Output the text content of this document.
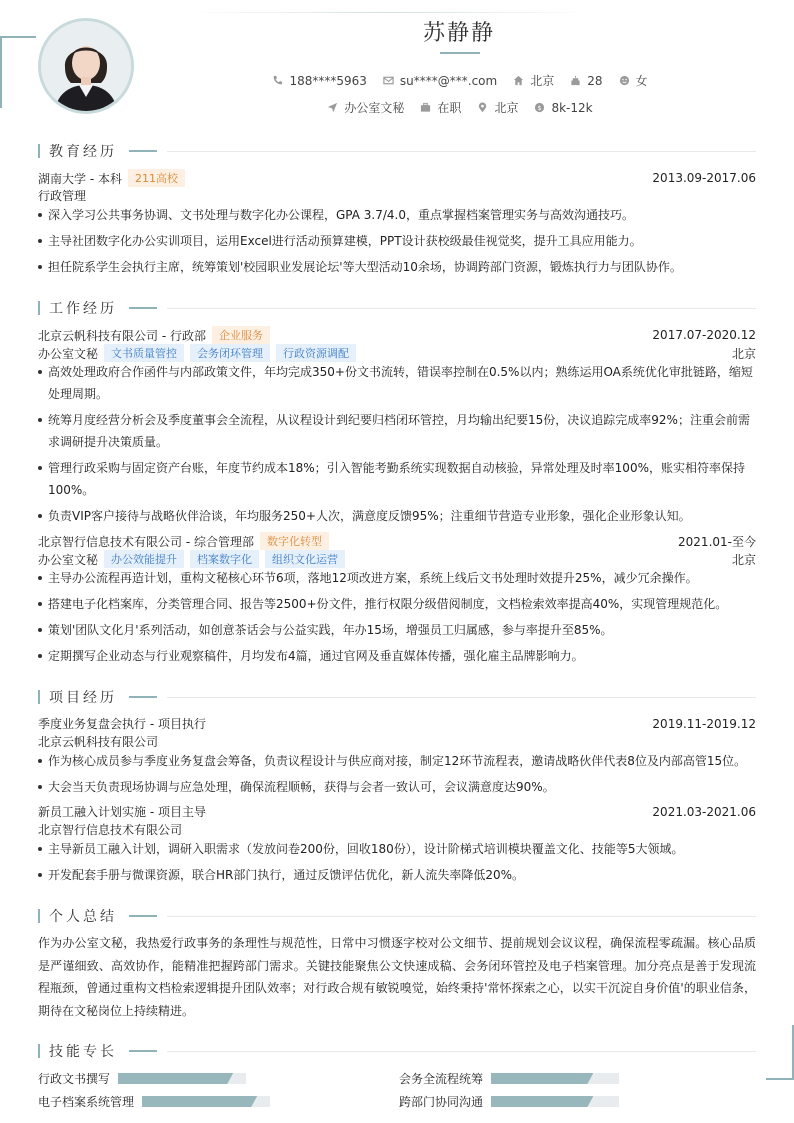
苏静静
188****5963	su****@***.com	北京	28	女
办公室文秘	在职	北京	$ 8k-12k
教育经历
湖南大学 - 本科	211高校	2013.09-2017.06
行政管理
深入学习公共事务协调、文书处理与数字化办公课程，GPA 3.7/4.0，重点掌握档案管理实务与高效沟通技巧。
主导社团数字化办公实训项目，运用Excel进行活动预算建模，PPT设计获校级最佳视觉奖，提升工具应用能力。
担任院系学生会执行主席，统筹策划'校园职业发展论坛'等大型活动10余场，协调跨部门资源，锻炼执行力与团队协作。
工作经历
北京云帆科技有限公司 - 行政部	企业服务	2017.07-2020.12
办公室文秘	文书质量管控	会务闭环管理	行政资源调配	北京
高效处理政府合作函件与内部政策文件，年均完成350+份文书流转，错误率控制在0.5%以内；熟练运用OA系统优化审批链路，缩短处理周期。
统筹月度经营分析会及季度董事会全流程，从议程设计到纪要归档闭环管控，月均输出纪要15份，决议追踪完成率92%；注重会前需求调研提升决策质量。
管理行政采购与固定资产台账，年度节约成本18%；引入智能考勤系统实现数据自动核验，异常处理及时率100%，账实相符率保持100%。
负责VIP客户接待与战略伙伴洽谈，年均服务250+人次，满意度反馈95%；注重细节营造专业形象，强化企业形象认知。
北京智行信息技术有限公司 - 综合管理部	数字化转型	2021.01-至今
办公室文秘	办公效能提升	档案数字化	组织文化运营	北京
主导办公流程再造计划，重构文秘核心环节6项，落地12项改进方案，系统上线后文书处理时效提升25%，减少冗余操作。
搭建电子化档案库，分类管理合同、报告等2500+份文件，推行权限分级借阅制度，文档检索效率提高40%，实现管理规范化。
策划'团队文化月'系列活动，如创意茶话会与公益实践，年办15场，增强员工归属感，参与率提升至85%。
定期撰写企业动态与行业观察稿件，月均发布4篇，通过官网及垂直媒体传播，强化雇主品牌影响力。
项目经历
季度业务复盘会执行 - 项目执行	2019.11-2019.12
北京云帆科技有限公司
作为核心成员参与季度业务复盘会筹备，负责议程设计与供应商对接，制定12环节流程表，邀请战略伙伴代表8位及内部高管15位。
大会当天负责现场协调与应急处理，确保流程顺畅，获得与会者一致认可，会议满意度达90%。
新员工融入计划实施 - 项目主导	2021.03-2021.06
北京智行信息技术有限公司
主导新员工融入计划，调研入职需求（发放问卷200份，回收180份），设计阶梯式培训模块覆盖文化、技能等5大领域。
开发配套手册与微课资源，联合HR部门执行，通过反馈评估优化，新人流失率降低20%。
个人总结
作为办公室文秘，我热爱行政事务的条理性与规范性，日常中习惯逐字校对公文细节、提前规划会议议程，确保流程零疏漏。核心品质是严谨细致、高效协作，能精准把握跨部门需求。关键技能聚焦公文快速成稿、会务闭环管控及电子档案管理。加分亮点是善于发现流程瓶颈，曾通过重构文档检索逻辑提升团队效率；对行政合规有敏锐嗅觉，始终秉持'常怀探索之心，以实干沉淀自身价值'的职业信条，期待在文秘岗位上持续精进。
技能专长
行政文书撰写	会务全流程统筹
电子档案系统管理	跨部门协同沟通
